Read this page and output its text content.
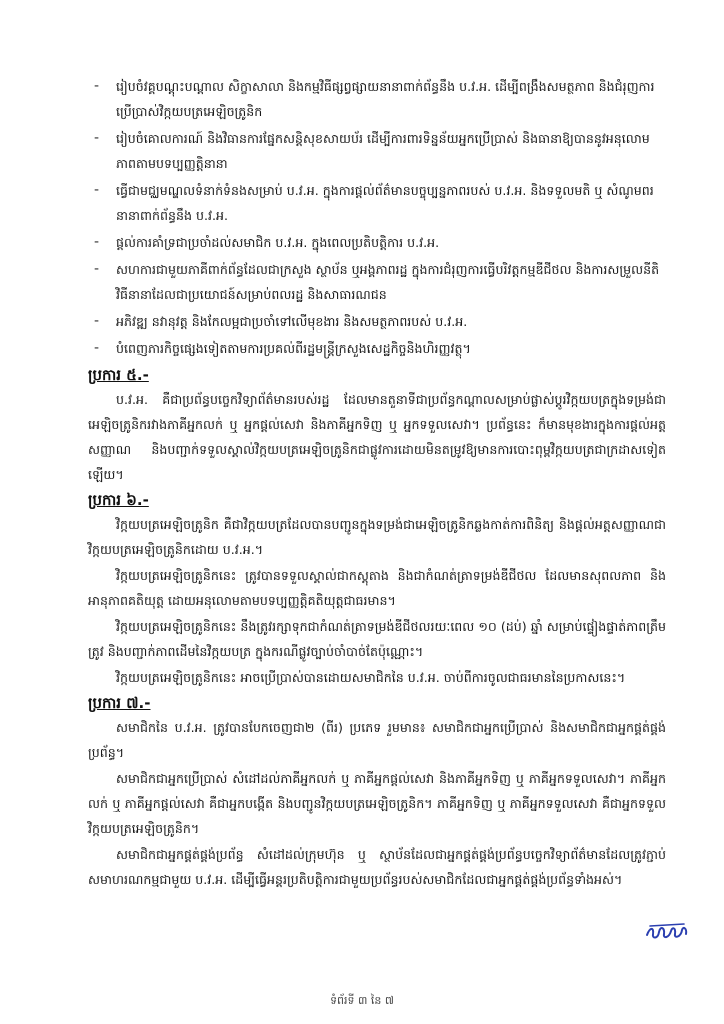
- រៀបចំវគ្គបណ្តុះបណ្តាល សិក្ខាសាលា និងកម្មវិធីផ្សព្វផ្សាយនានាពាក់ព័ន្ធនឹង ប.វ.អ. ដើម្បីពង្រឹងសមត្ថភាព និងជំរុញការប្រើប្រាស់វិក្កយបត្រអេឡិចត្រូនិក
- រៀបចំគោលការណ៍ និងវិធានការផ្នែកសន្តិសុខសាយប័រ ដើម្បីការពារទិន្នន័យអ្នកប្រើប្រាស់ និងធានាឱ្យបាននូវអនុលោមភាពតាមបទប្បញ្ញត្តិនានា
- ធ្វើជាមជ្ឈមណ្ឌលទំនាក់ទំនងសម្រាប់ ប.វ.អ. ក្នុងការផ្តល់ព័ត៌មានបច្ចុប្បន្នភាពរបស់ ប.វ.អ. និងទទួលមតិ ឬ សំណូមពរនានាពាក់ព័ន្ធនឹង ប.វ.អ.
- ផ្តល់ការគាំទ្រជាប្រចាំដល់សមាជិក ប.វ.អ. ក្នុងពេលប្រតិបត្តិការ ប.វ.អ.
- សហការជាមួយភាគីពាក់ព័ន្ធដែលជាក្រសួង ស្ថាប័ន ឬអង្គភាពរដ្ឋ ក្នុងការជំរុញការធ្វើបរិវត្តកម្មឌីជីថល និងការសម្រួលនីតិវិធីនានាដែលជាប្រយោជន៍សម្រាប់ពលរដ្ឋ និងសាធារណជន
- អភិវឌ្ឍ នវានុវត្ត និងកែលម្អជាប្រចាំទៅលើមុខងារ និងសមត្ថភាពរបស់ ប.វ.អ.
- បំពេញភារកិច្ចផ្សេងទៀតតាមការប្រគល់ពីរដ្ឋមន្ត្រីក្រសួងសេដ្ឋកិច្ចនិងហិរញ្ញវត្ថុ។

ប្រការ ៥.-

ប.វ.អ. គឺជាប្រព័ន្ធបច្ចេកវិទ្យាព័ត៌មានរបស់រដ្ឋ ដែលមានតួនាទីជាប្រព័ន្ធកណ្តាលសម្រាប់ផ្លាស់ប្តូរវិក្កយបត្រក្នុងទម្រង់ជាអេឡិចត្រូនិករវាងភាគីអ្នកលក់ ឬ អ្នកផ្តល់សេវា និងភាគីអ្នកទិញ ឬ អ្នកទទួលសេវា។ ប្រព័ន្ធនេះ ក៏មានមុខងារក្នុងការផ្តល់អត្តសញ្ញាណ និងបញ្ជាក់ទទួលស្គាល់វិក្កយបត្រអេឡិចត្រូនិកជាផ្លូវការដោយមិនតម្រូវឱ្យមានការបោះពុម្ពវិក្កយបត្រជាក្រដាសទៀតឡើយ។

ប្រការ ៦.-

វិក្កយបត្រអេឡិចត្រូនិក គឺជាវិក្កយបត្រដែលបានបញ្ជូនក្នុងទម្រង់ជាអេឡិចត្រូនិកឆ្លងកាត់ការពិនិត្យ និងផ្តល់អត្តសញ្ញាណជាវិក្កយបត្រអេឡិចត្រូនិកដោយ ប.វ.អ.។

វិក្កយបត្រអេឡិចត្រូនិកនេះ ត្រូវបានទទួលស្គាល់ជាកស្តុតាង និងជាកំណត់ត្រាទម្រង់ឌីជីថល ដែលមានសុពលភាព និងអានុភាពគតិយុត្ត ដោយអនុលោមតាមបទប្បញ្ញត្តិគតិយុត្តជាធរមាន។

វិក្កយបត្រអេឡិចត្រូនិកនេះ នឹងត្រូវរក្សាទុកជាកំណត់ត្រាទម្រង់ឌីជីថលរយៈពេល ១០ (ដប់) ឆ្នាំ សម្រាប់ផ្ទៀងផ្ទាត់ភាពត្រឹមត្រូវ និងបញ្ជាក់ភាពដើមនៃវិក្កយបត្រ ក្នុងករណីផ្លូវច្បាប់ចាំបាច់តែប៉ុណ្ណោះ។

វិក្កយបត្រអេឡិចត្រូនិកនេះ អាចប្រើប្រាស់បានដោយសមាជិកនៃ ប.វ.អ. ចាប់ពីការចូលជាធរមាននៃប្រកាសនេះ។

ប្រការ ៧.-

សមាជិកនៃ ប.វ.អ. ត្រូវបានបែកចេញជា២ (ពីរ) ប្រភេទ រួមមាន៖ សមាជិកជាអ្នកប្រើប្រាស់ និងសមាជិកជាអ្នកផ្គត់ផ្គង់ប្រព័ន្ធ។

សមាជិកជាអ្នកប្រើប្រាស់ សំដៅដល់ភាគីអ្នកលក់ ឬ ភាគីអ្នកផ្តល់សេវា និងភាគីអ្នកទិញ ឬ ភាគីអ្នកទទួលសេវា។ ភាគីអ្នកលក់ ឬ ភាគីអ្នកផ្តល់សេវា គឺជាអ្នកបង្កើត និងបញ្ជូនវិក្កយបត្រអេឡិចត្រូនិក។ ភាគីអ្នកទិញ ឬ ភាគីអ្នកទទួលសេវា គឺជាអ្នកទទួលវិក្កយបត្រអេឡិចត្រូនិក។

សមាជិកជាអ្នកផ្គត់ផ្គង់ប្រព័ន្ធ សំដៅដល់ក្រុមហ៊ុន ឬ ស្ថាប័នដែលជាអ្នកផ្គត់ផ្គង់ប្រព័ន្ធបច្ចេកវិទ្យាព័ត៌មានដែលត្រូវភ្ជាប់សមាហរណកម្មជាមួយ ប.វ.អ. ដើម្បីធ្វើអន្តរប្រតិបត្តិការជាមួយប្រព័ន្ធរបស់សមាជិកដែលជាអ្នកផ្គត់ផ្គង់ប្រព័ន្ធទាំងអស់។

ទំព័រទី ៣ នៃ ៧
